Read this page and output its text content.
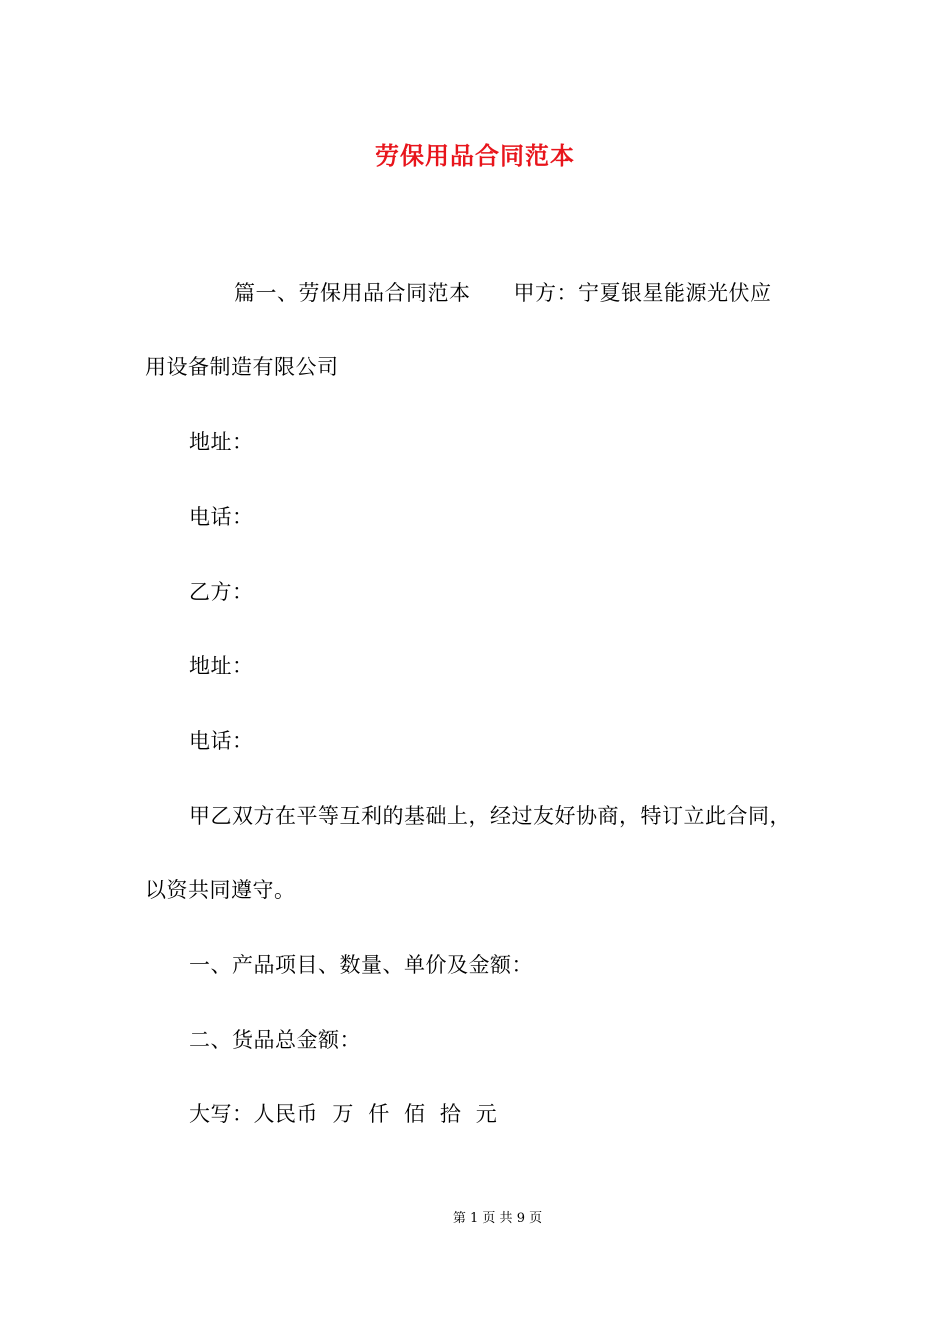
劳保用品合同范本
篇一、劳保用品合同范本　　甲方：宁夏银星能源光伏应
用设备制造有限公司
地址：
电话：
乙方：
地址：
电话：
甲乙双方在平等互利的基础上，经过友好协商，特订立此合同，
以资共同遵守。
一、产品项目、数量、单价及金额：
二、货品总金额：
大写：人民币  万  仟  佰  拾  元
第 1 页 共 9 页
